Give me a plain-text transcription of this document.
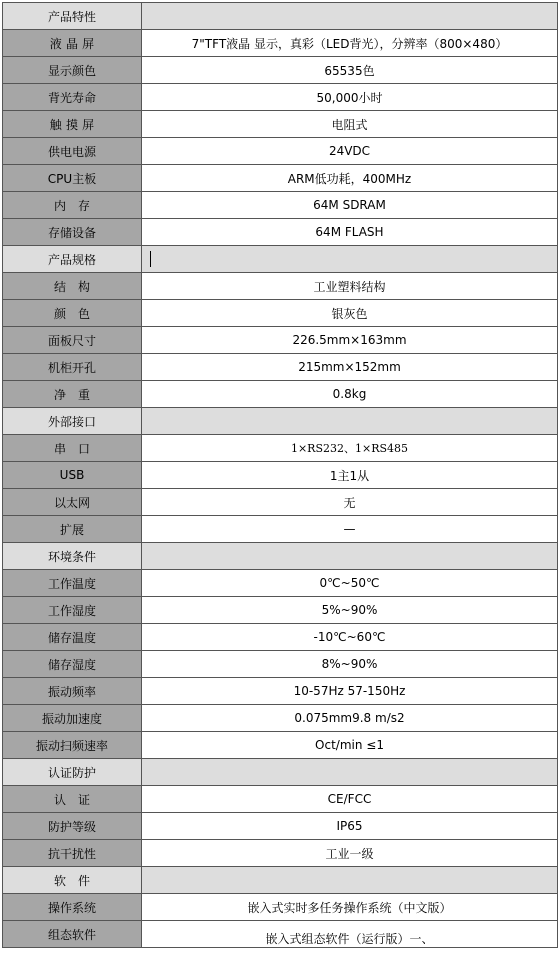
产品特性	
液晶屏	7"TFT液晶 显示，真彩（LED背光），分辨率（800×480）
显示颜色	65535色
背光寿命	50,000小时
触摸屏	电阻式
供电电源	24VDC
CPU主板	ARM低功耗，400MHz
内存	64M SDRAM
存储设备	64M FLASH
产品规格	
结构	工业塑料结构
颜色	银灰色
面板尺寸	226.5mm×163mm
机柜开孔	215mm×152mm
净重	0.8kg
外部接口	
串口	1×RS232、1×RS485
USB	1主1从
以太网	无
扩展	—
环境条件	
工作温度	0℃~50℃
工作湿度	5%~90%
储存温度	-10℃~60℃
储存湿度	8%~90%
振动频率	10-57Hz 57-150Hz
振动加速度	0.075mm9.8 m/s2
振动扫频速率	Oct/min ≤1
认证防护	
认证	CE/FCC
防护等级	IP65
抗干扰性	工业一级
软件	
操作系统	嵌入式实时多任务操作系统（中文版）
组态软件	嵌入式组态软件（运行版）一、
